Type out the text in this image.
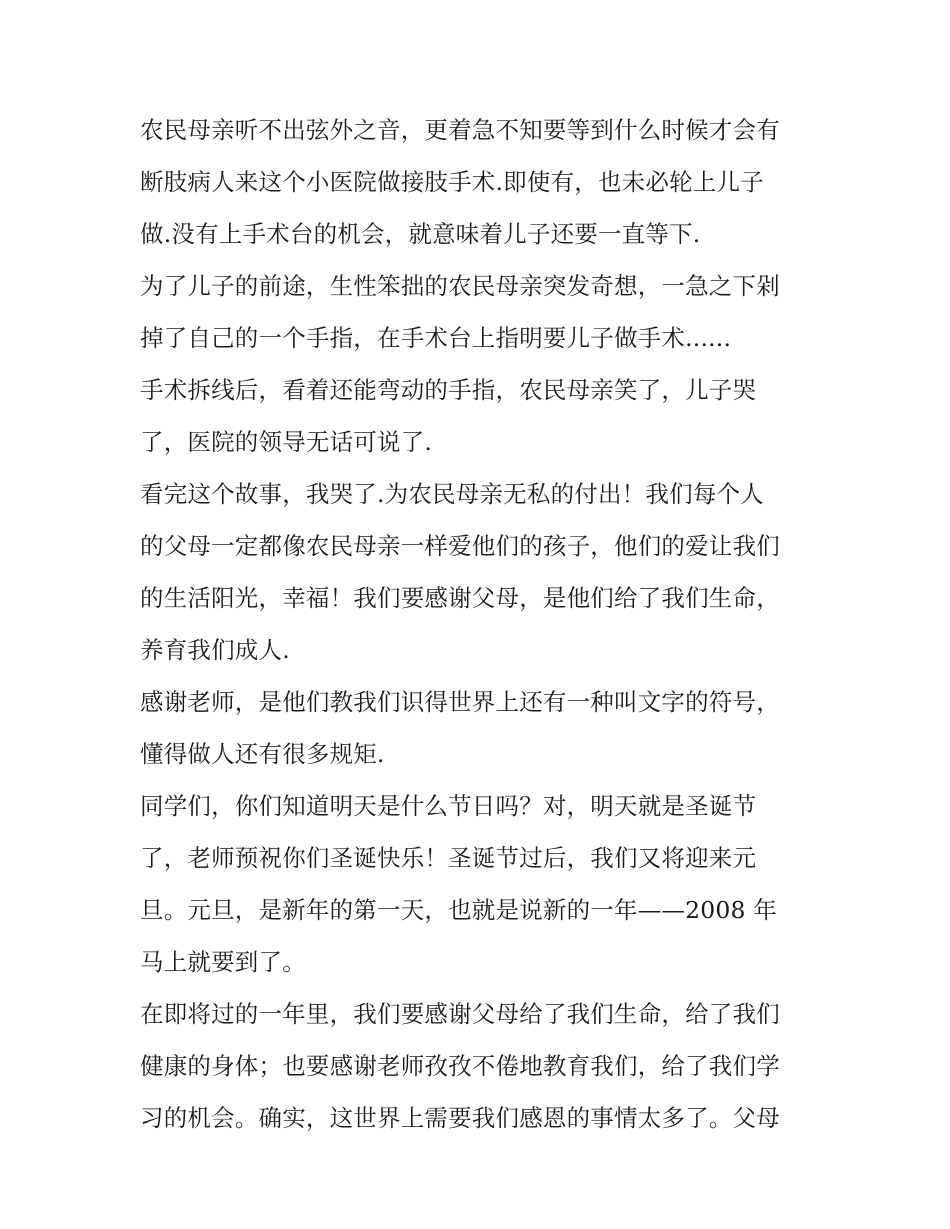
农民母亲听不出弦外之音，更着急不知要等到什么时候才会有
断肢病人来这个小医院做接肢手术.即使有，也未必轮上儿子
做.没有上手术台的机会，就意味着儿子还要一直等下.
为了儿子的前途，生性笨拙的农民母亲突发奇想，一急之下剁
掉了自己的一个手指，在手术台上指明要儿子做手术......
手术拆线后，看着还能弯动的手指，农民母亲笑了，儿子哭
了，医院的领导无话可说了.
看完这个故事，我哭了.为农民母亲无私的付出！我们每个人
的父母一定都像农民母亲一样爱他们的孩子，他们的爱让我们
的生活阳光，幸福！我们要感谢父母，是他们给了我们生命，
养育我们成人.
感谢老师，是他们教我们识得世界上还有一种叫文字的符号，
懂得做人还有很多规矩.
同学们，你们知道明天是什么节日吗？对，明天就是圣诞节
了，老师预祝你们圣诞快乐！圣诞节过后，我们又将迎来元
旦。元旦，是新年的第一天，也就是说新的一年——2008 年
马上就要到了。
在即将过的一年里，我们要感谢父母给了我们生命，给了我们
健康的身体；也要感谢老师孜孜不倦地教育我们，给了我们学
习的机会。确实，这世界上需要我们感恩的事情太多了。父母
